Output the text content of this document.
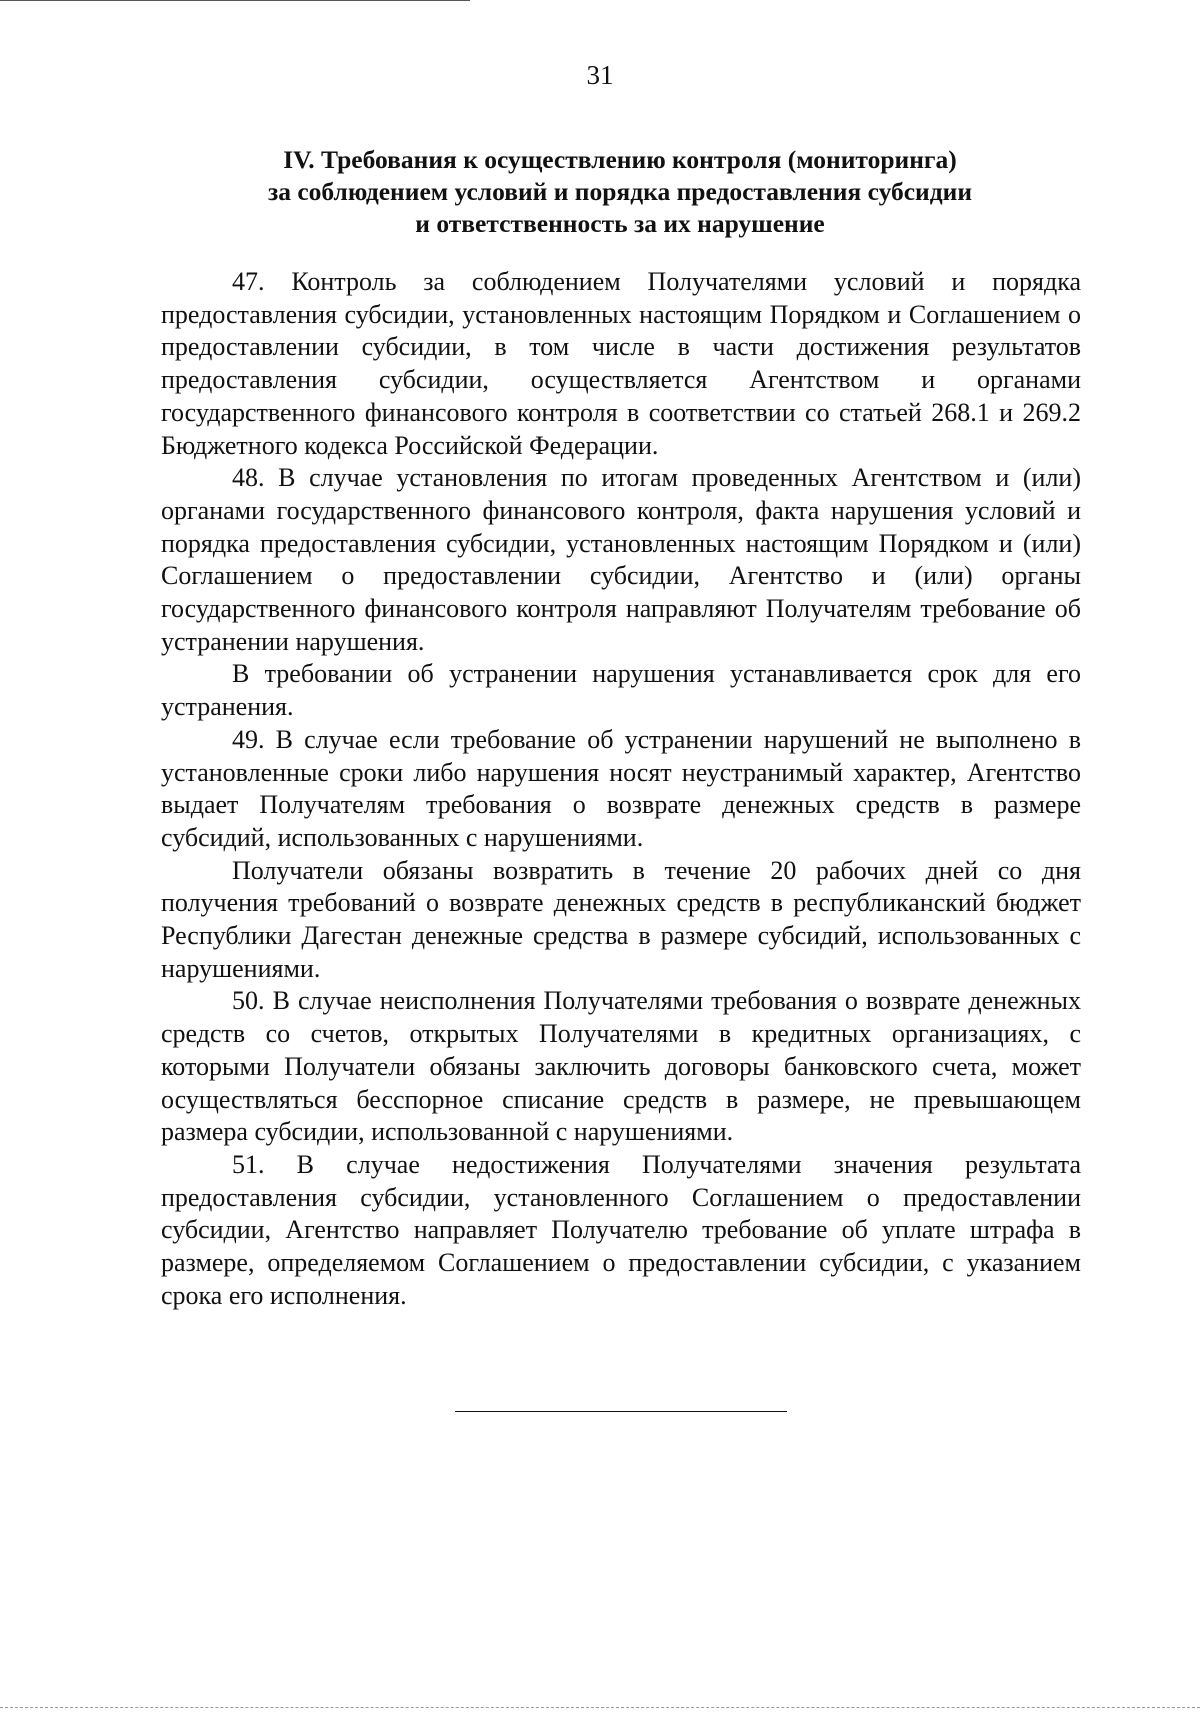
31
IV. Требования к осуществлению контроля (мониторинга)
за соблюдением условий и порядка предоставления субсидии
и ответственность за их нарушение

47. Контроль за соблюдением Получателями условий и порядка предоставления субсидии, установленных настоящим Порядком и Соглашением о предоставлении субсидии, в том числе в части достижения результатов предоставления субсидии, осуществляется Агентством и органами государственного финансового контроля в соответствии со статьей 268.1 и 269.2 Бюджетного кодекса Российской Федерации.

48. В случае установления по итогам проведенных Агентством и (или) органами государственного финансового контроля, факта нарушения условий и порядка предоставления субсидии, установленных настоящим Порядком и (или) Соглашением о предоставлении субсидии, Агентство и (или) органы государственного финансового контроля направляют Получателям требование об устранении нарушения.

В требовании об устранении нарушения устанавливается срок для его устранения.

49. В случае если требование об устранении нарушений не выполнено в установленные сроки либо нарушения носят неустранимый характер, Агентство выдает Получателям требования о возврате денежных средств в размере субсидий, использованных с нарушениями.

Получатели обязаны возвратить в течение 20 рабочих дней со дня получения требований о возврате денежных средств в республиканский бюджет Республики Дагестан денежные средства в размере субсидий, использованных с нарушениями.

50. В случае неисполнения Получателями требования о возврате денежных средств со счетов, открытых Получателями в кредитных организациях, с которыми Получатели обязаны заключить договоры банковского счета, может осуществляться бесспорное списание средств в размере, не превышающем размера субсидии, использованной с нарушениями.

51. В случае недостижения Получателями значения результата предоставления субсидии, установленного Соглашением о предоставлении субсидии, Агентство направляет Получателю требование об уплате штрафа в размере, определяемом Соглашением о предоставлении субсидии, с указанием срока его исполнения.
